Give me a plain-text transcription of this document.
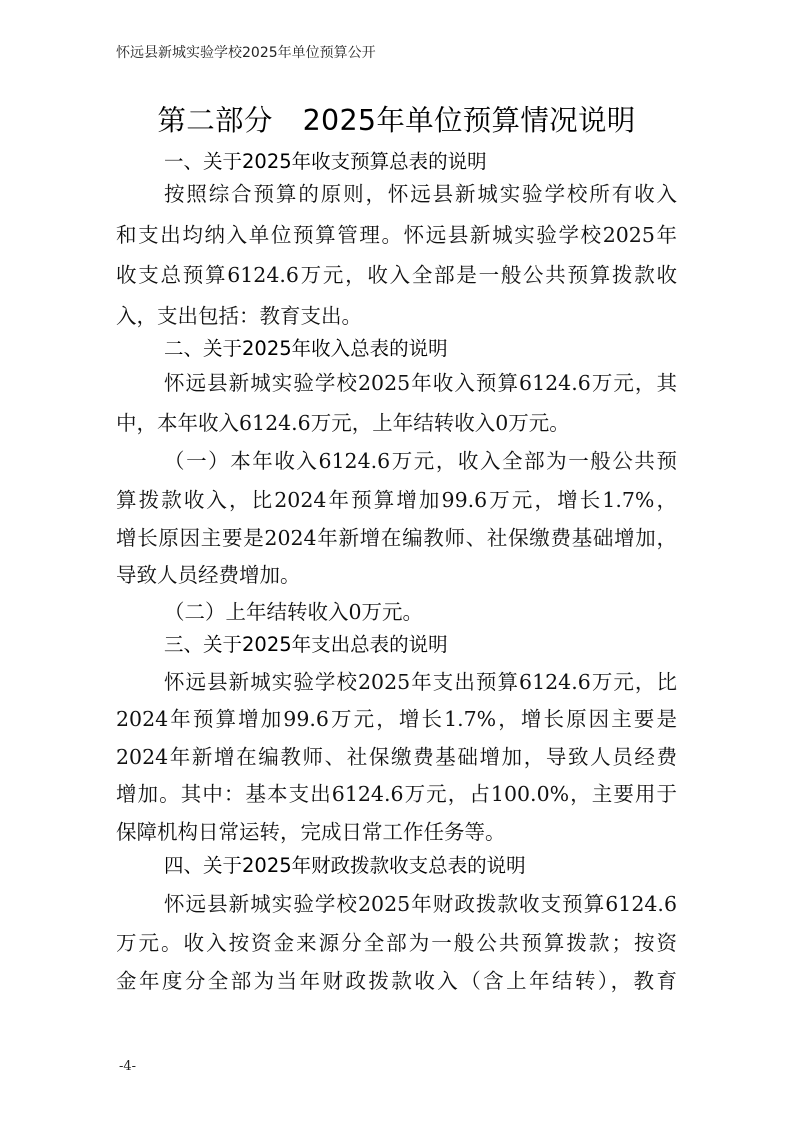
怀远县新城实验学校2025年单位预算公开
第二部分 2025年单位预算情况说明
一、关于2025年收支预算总表的说明
按照综合预算的原则，怀远县新城实验学校所有收入
和支出均纳入单位预算管理。怀远县新城实验学校2025年
收支总预算6124.6万元，收入全部是一般公共预算拨款收
入，支出包括：教育支出。
二、关于2025年收入总表的说明
怀远县新城实验学校2025年收入预算6124.6万元，其
中，本年收入6124.6万元，上年结转收入0万元。
（一）本年收入6124.6万元，收入全部为一般公共预
算拨款收入，比2024年预算增加99.6万元，增长1.7%，
增长原因主要是2024年新增在编教师、社保缴费基础增加，
导致人员经费增加。
（二）上年结转收入0万元。
三、关于2025年支出总表的说明
怀远县新城实验学校2025年支出预算6124.6万元，比
2024年预算增加99.6万元，增长1.7%，增长原因主要是
2024年新增在编教师、社保缴费基础增加，导致人员经费
增加。其中：基本支出6124.6万元，占100.0%，主要用于
保障机构日常运转，完成日常工作任务等。
四、关于2025年财政拨款收支总表的说明
怀远县新城实验学校2025年财政拨款收支预算6124.6
万元。收入按资金来源分全部为一般公共预算拨款；按资
金年度分全部为当年财政拨款收入（含上年结转），教育
-4-
